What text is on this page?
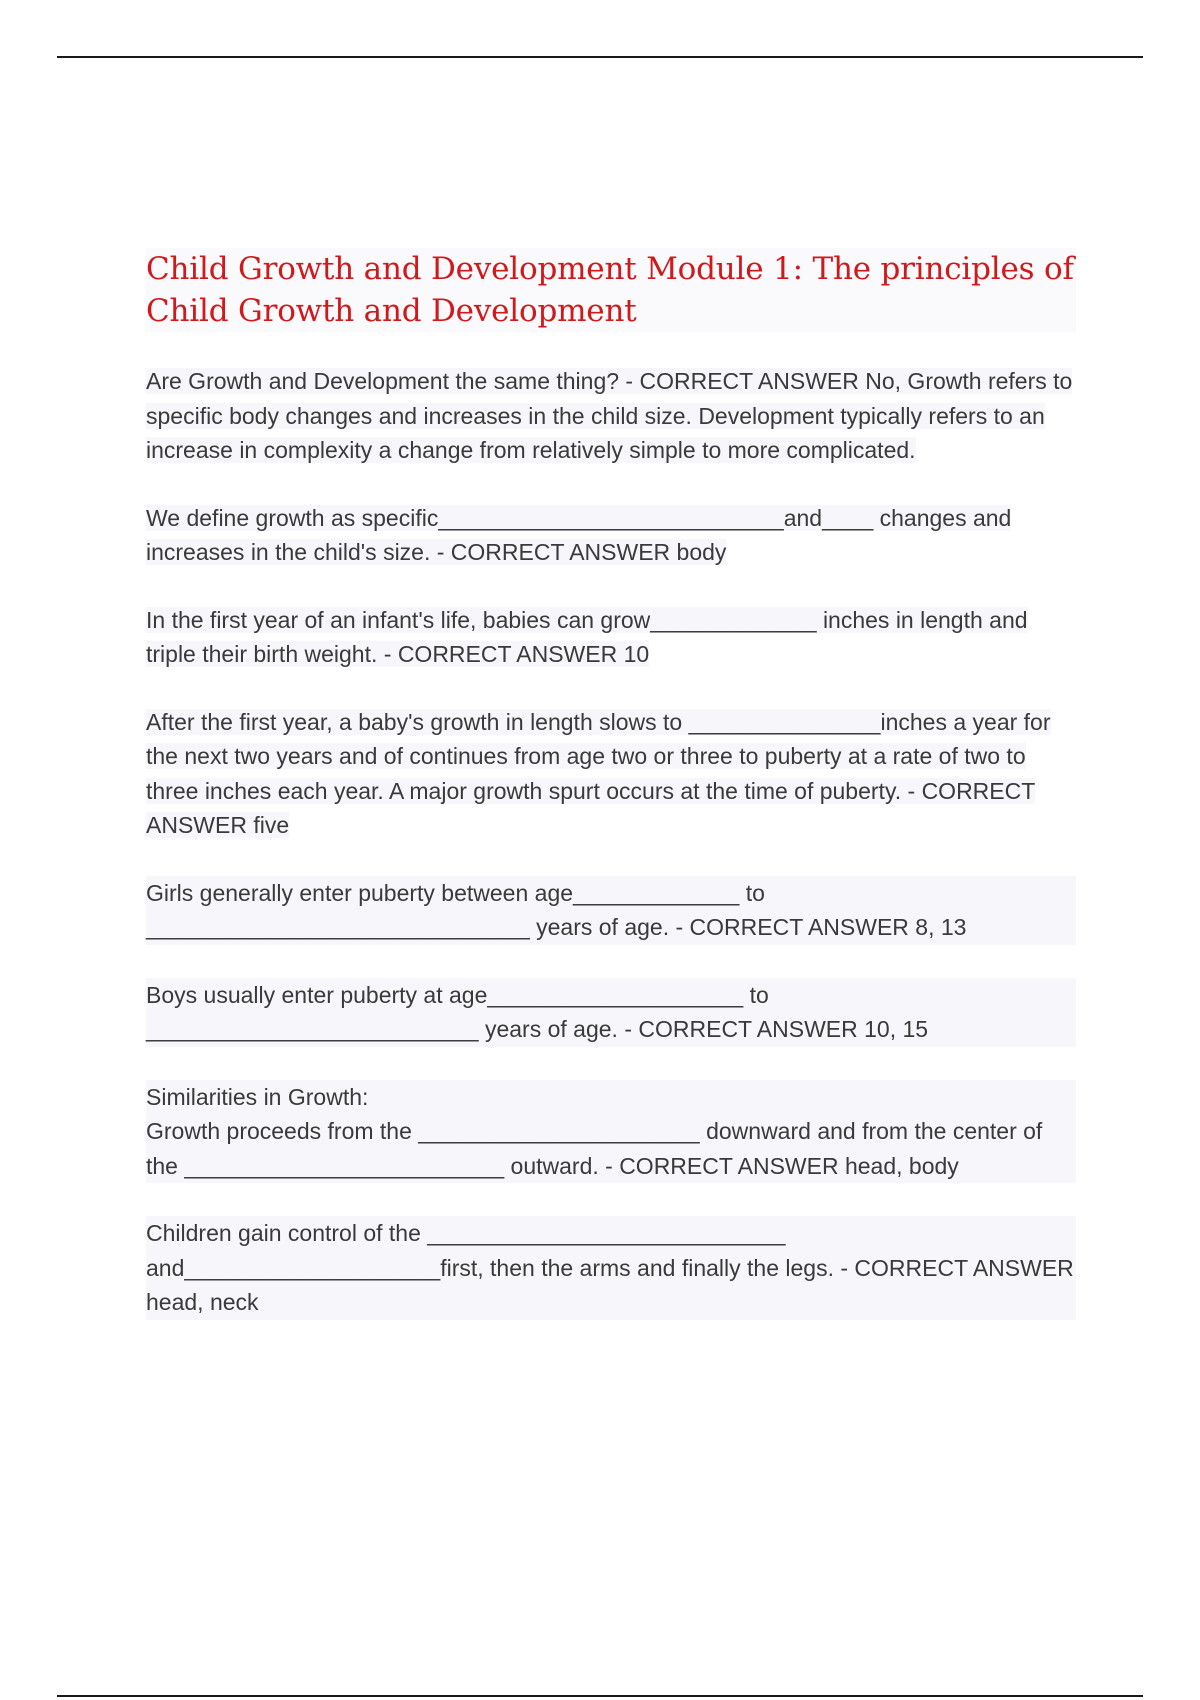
Child Growth and Development Module 1: The principles of Child Growth and Development

Are Growth and Development the same thing? - CORRECT ANSWER No, Growth refers to specific body changes and increases in the child size. Development typically refers to an increase in complexity a change from relatively simple to more complicated.

We define growth as specific___________________________and____ changes and increases in the child's size. - CORRECT ANSWER body

In the first year of an infant's life, babies can grow_____________ inches in length and triple their birth weight. - CORRECT ANSWER 10

After the first year, a baby's growth in length slows to _______________inches a year for the next two years and of continues from age two or three to puberty at a rate of two to three inches each year. A major growth spurt occurs at the time of puberty. - CORRECT ANSWER five

Girls generally enter puberty between age_____________ to

______________________________ years of age. - CORRECT ANSWER 8, 13

Boys usually enter puberty at age____________________ to

__________________________ years of age. - CORRECT ANSWER 10, 15

Similarities in Growth:

Growth proceeds from the ______________________ downward and from the center of the _________________________ outward. - CORRECT ANSWER head, body

Children gain control of the ____________________________

and____________________first, then the arms and finally the legs. - CORRECT ANSWER head, neck
